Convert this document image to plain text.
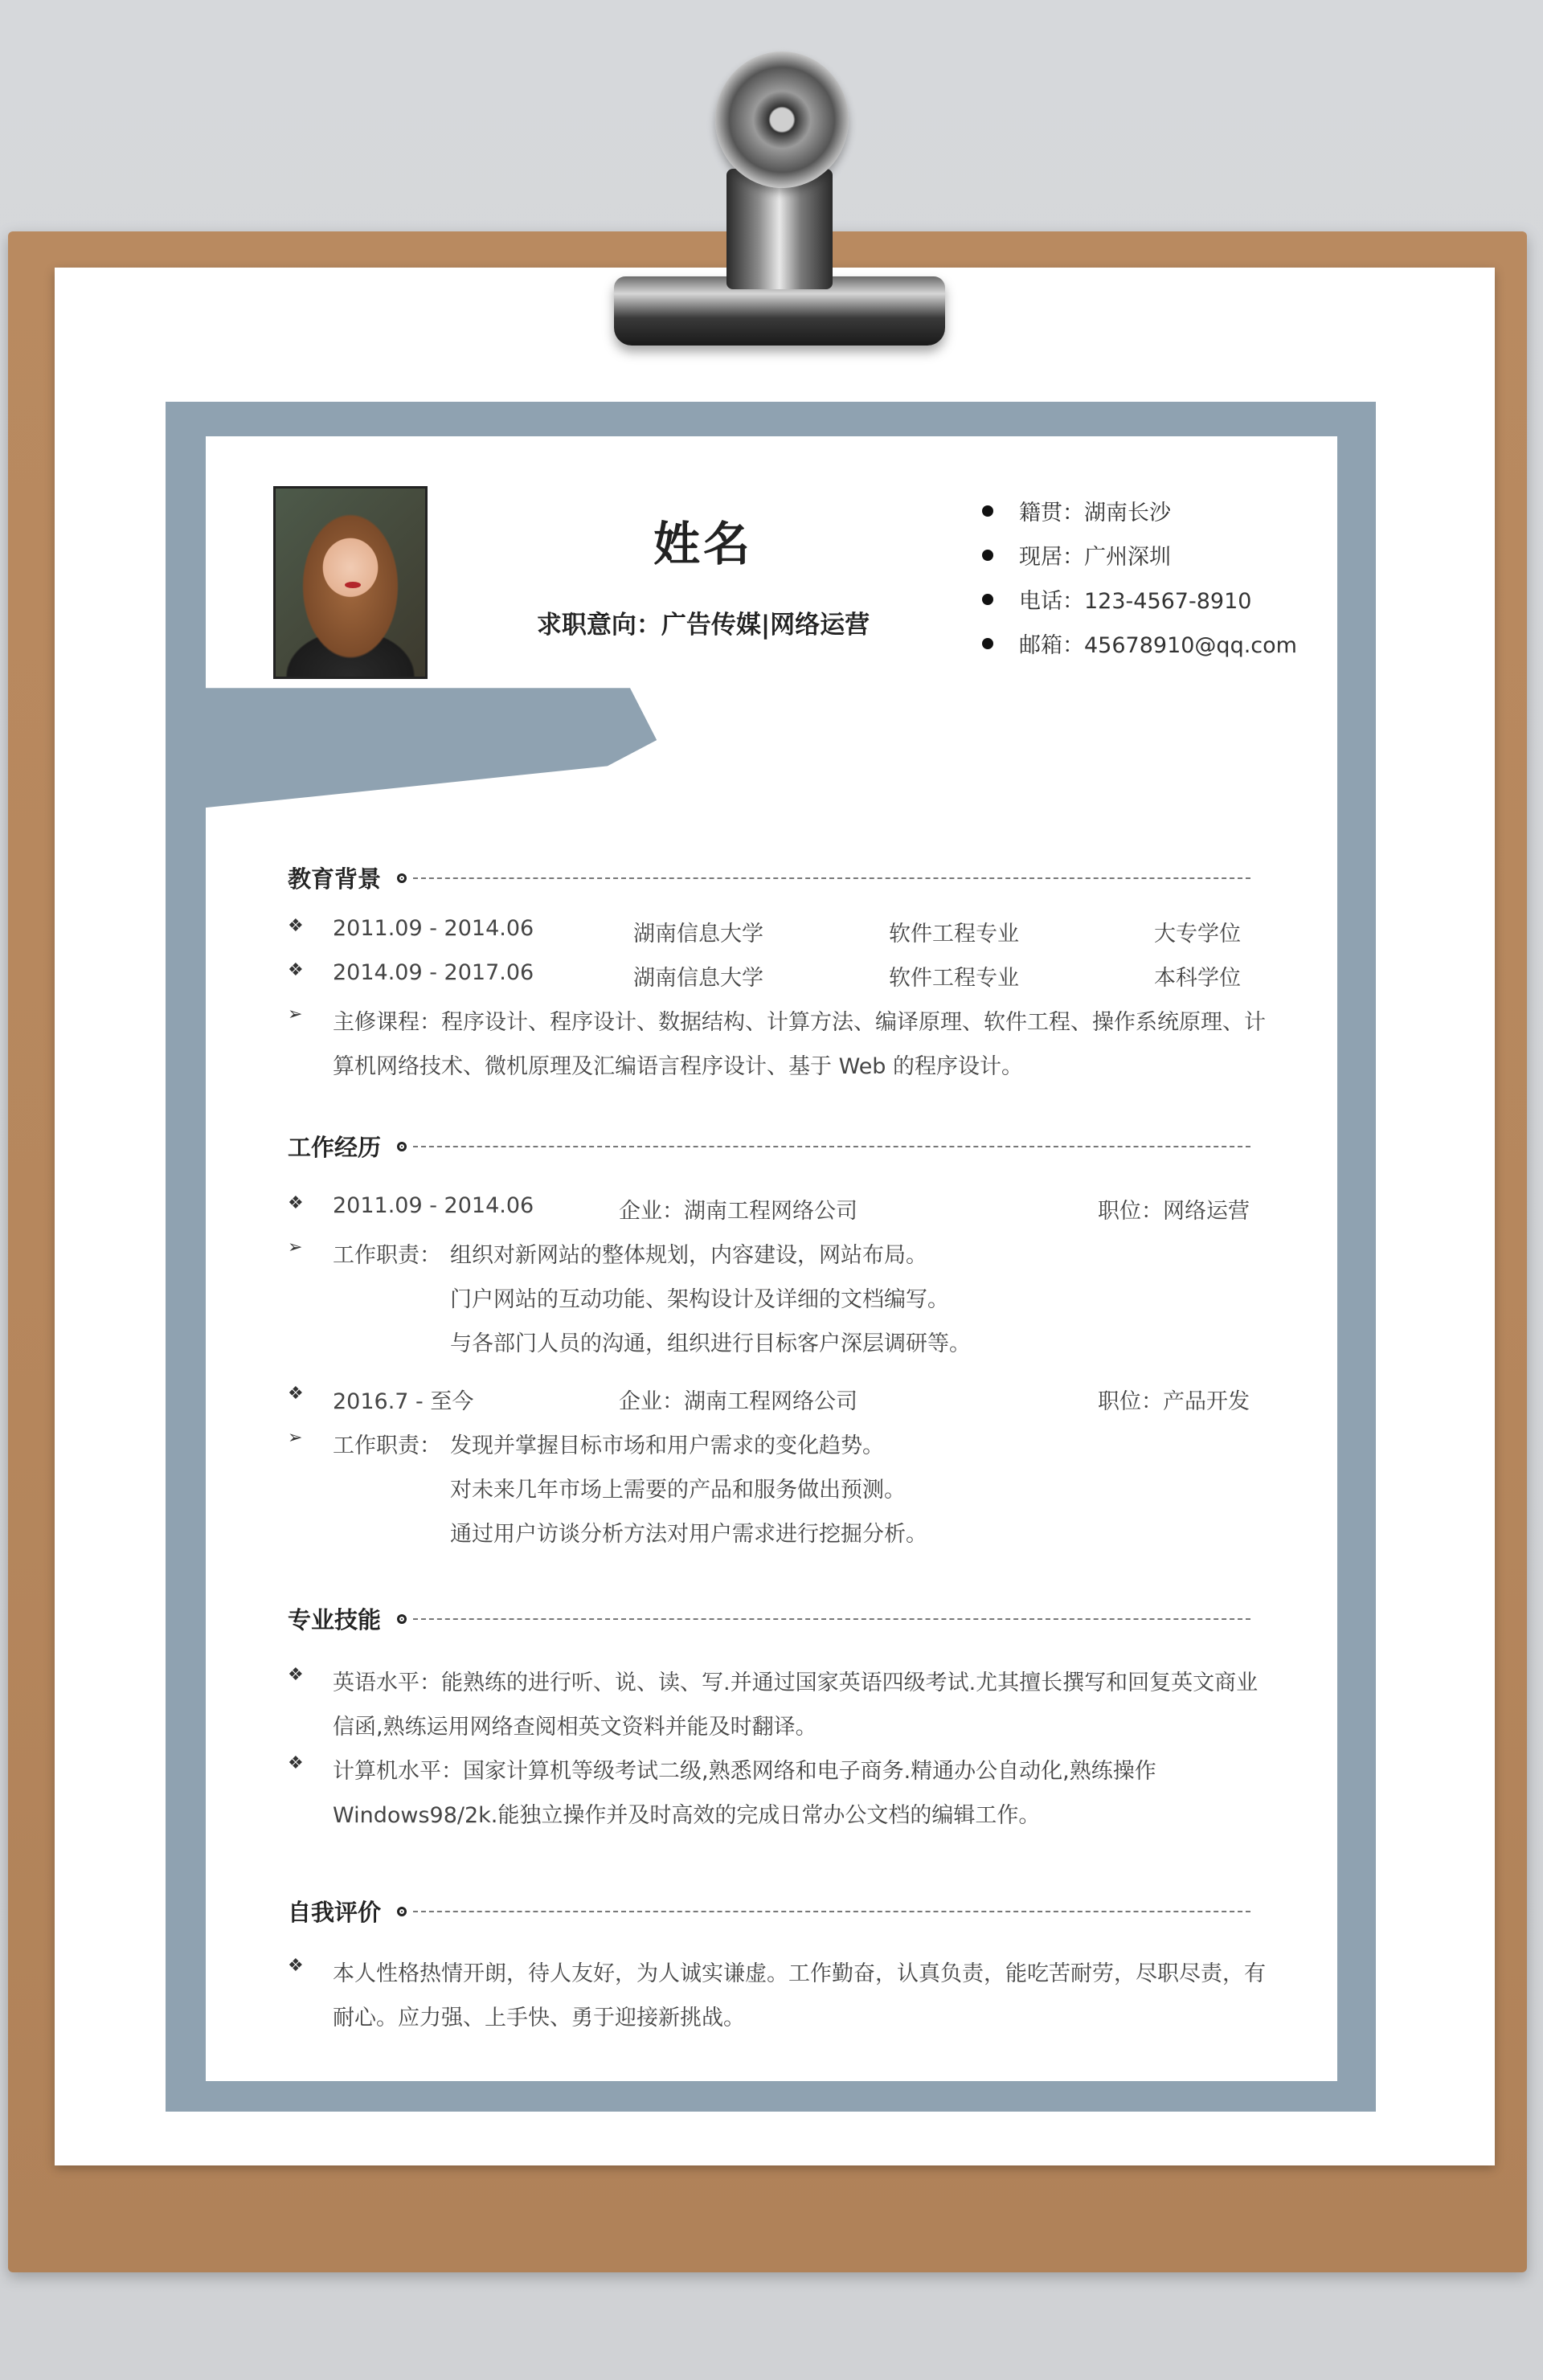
姓名
求职意向：广告传媒|网络运营
籍贯：湖南长沙
现居：广州深圳
电话：123-4567-8910
邮箱：45678910@qq.com
教育背景
❖	2011.09 - 2014.06	湖南信息大学	软件工程专业	大专学位
❖	2014.09 - 2017.06	湖南信息大学	软件工程专业	本科学位
➢	主修课程：程序设计、程序设计、数据结构、计算方法、编译原理、软件工程、操作系统原理、计
算机网络技术、微机原理及汇编语言程序设计、基于 Web 的程序设计。
工作经历
❖	2011.09 - 2014.06	企业：湖南工程网络公司	职位：网络运营
➢	工作职责： 组织对新网站的整体规划，内容建设，网站布局。
门户网站的互动功能、架构设计及详细的文档编写。
与各部门人员的沟通，组织进行目标客户深层调研等。
❖	2016.7 - 至今	企业：湖南工程网络公司	职位：产品开发
➢	工作职责： 发现并掌握目标市场和用户需求的变化趋势。
对未来几年市场上需要的产品和服务做出预测。
通过用户访谈分析方法对用户需求进行挖掘分析。
专业技能
❖	英语水平：能熟练的进行听、说、读、写.并通过国家英语四级考试.尤其擅长撰写和回复英文商业
信函,熟练运用网络查阅相英文资料并能及时翻译。
❖	计算机水平：国家计算机等级考试二级,熟悉网络和电子商务.精通办公自动化,熟练操作
Windows98/2k.能独立操作并及时高效的完成日常办公文档的编辑工作。
自我评价
❖	本人性格热情开朗，待人友好，为人诚实谦虚。工作勤奋，认真负责，能吃苦耐劳，尽职尽责，有
耐心。应力强、上手快、勇于迎接新挑战。
